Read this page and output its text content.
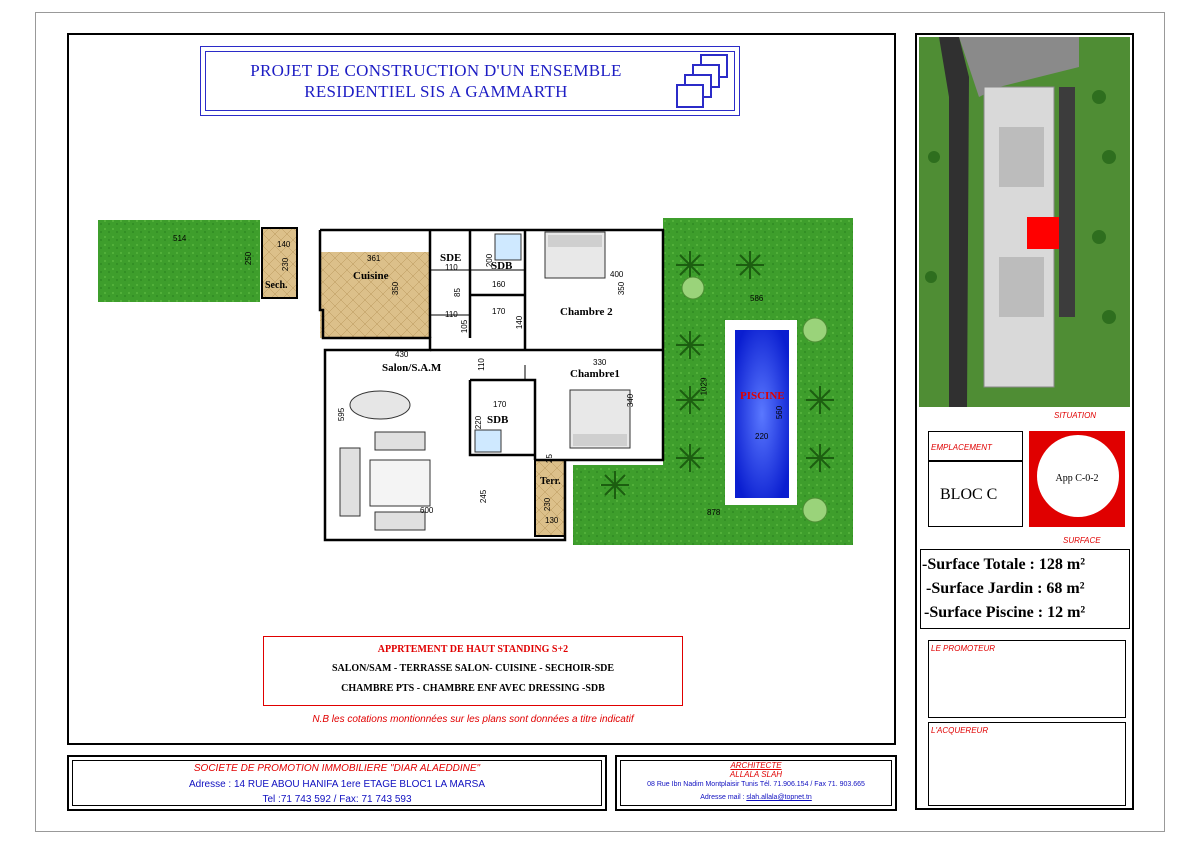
PROJET DE CONSTRUCTION D'UN ENSEMBLE
RESIDENTIEL SIS A GAMMARTH
Cuisine
Sech.
SDE
SDB
Chambre 2
Chambre1
Salon/S.A.M
SDB
Terr.
PISCINE
514
250
140
230	361
350
110
85
110
200
160
400
350
170
140
105
430
110	330
340
170
220
595
600
245
25
230
130
586
1029
560
220
878
APPRTEMENT DE HAUT STANDING S+2
SALON/SAM - TERRASSE SALON- CUISINE - SECHOIR-SDE
CHAMBRE PTS - CHAMBRE ENF AVEC DRESSING -SDB
N.B les cotations montionnées sur les plans sont données a titre indicatif
SOCIETE DE PROMOTION IMMOBILIERE "DIAR ALAEDDINE"
Adresse : 14 RUE ABOU HANIFA 1ere ETAGE BLOC1 LA MARSA
Tel :71 743 592 / Fax: 71 743 593
ARCHITECTE
ALLALA SLAH
08 Rue Ibn Nadim Montplaisir Tunis Tél. 71.906.154 / Fax 71. 903.665
Adresse mail : slah.allala@topnet.tn
SITUATION
EMPLACEMENT
BLOC C
App C-0-2
SURFACE
-Surface Totale : 128 m²
-Surface Jardin : 68 m²
-Surface Piscine : 12 m²
LE PROMOTEUR
L'ACQUEREUR
